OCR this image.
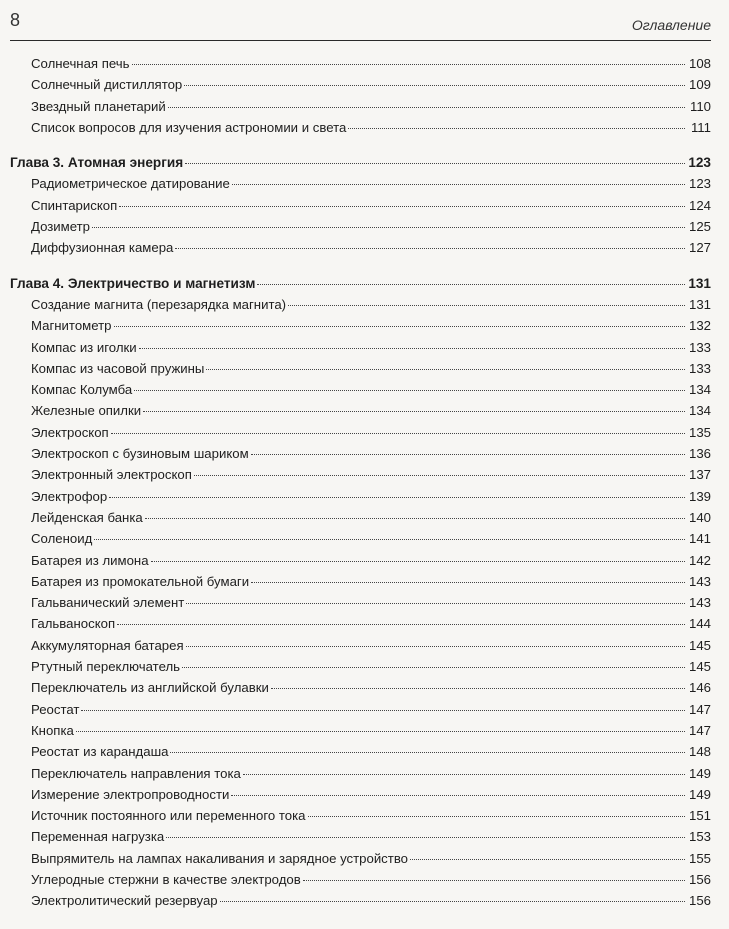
8	Оглавление
Солнечная печь	108
Солнечный дистиллятор	109
Звездный планетарий	110
Список вопросов для изучения астрономии и света	111
Глава 3. Атомная энергия	123
Радиометрическое датирование	123
Спинтарископ	124
Дозиметр	125
Диффузионная камера	127
Глава 4. Электричество и магнетизм	131
Создание магнита (перезарядка магнита)	131
Магнитометр	132
Компас из иголки	133
Компас из часовой пружины	133
Компас Колумба	134
Железные опилки	134
Электроскоп	135
Электроскоп с бузиновым шариком	136
Электронный электроскоп	137
Электрофор	139
Лейденская банка	140
Соленоид	141
Батарея из лимона	142
Батарея из промокательной бумаги	143
Гальванический элемент	143
Гальваноскоп	144
Аккумуляторная батарея	145
Ртутный переключатель	145
Переключатель из английской булавки	146
Реостат	147
Кнопка	147
Реостат из карандаша	148
Переключатель направления тока	149
Измерение электропроводности	149
Источник постоянного или переменного тока	151
Переменная нагрузка	153
Выпрямитель на лампах накаливания и зарядное устройство	155
Углеродные стержни в качестве электродов	156
Электролитический резервуар	156
